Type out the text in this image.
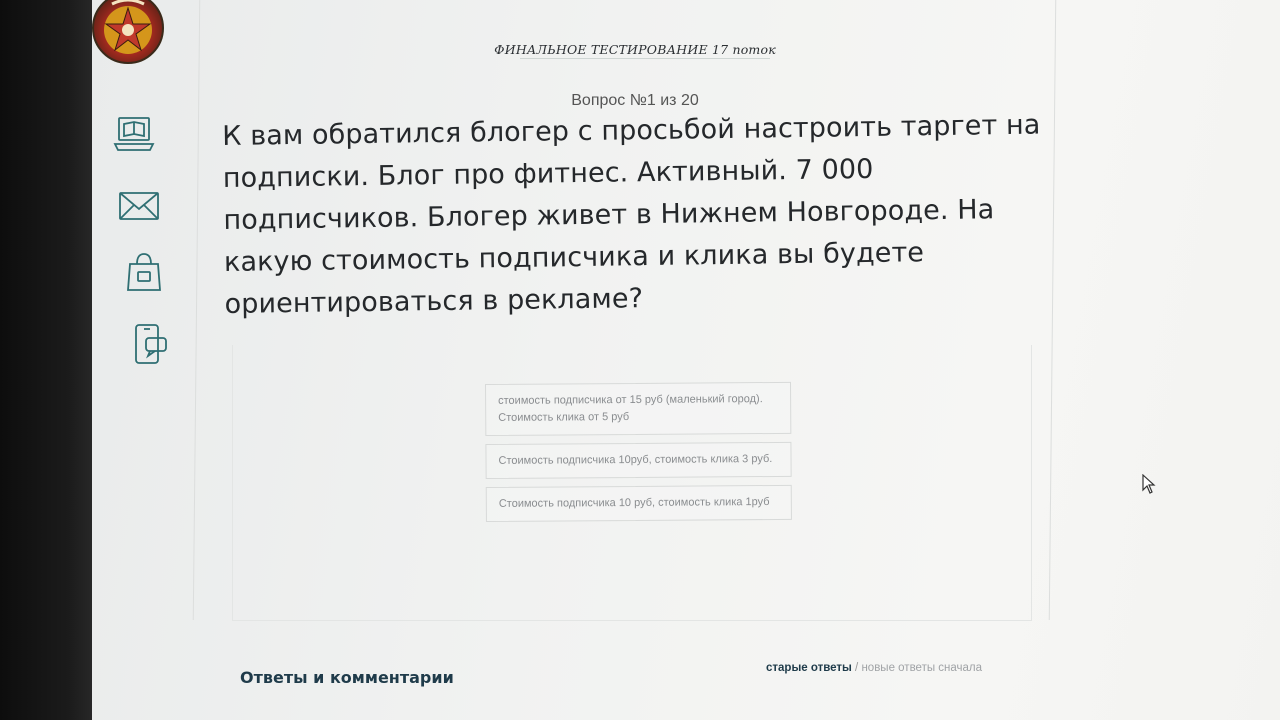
ФИНАЛЬНОЕ ТЕСТИРОВАНИЕ 17 поток
Вопрос №1 из 20
К вам обратился блогер с просьбой настроить таргет на подписки. Блог про фитнес. Активный. 7 000 подписчиков. Блогер живет в Нижнем Новгороде. На какую стоимость подписчика и клика вы будете ориентироваться в рекламе?
стоимость подписчика от 15 руб (маленький город). Стоимость клика от 5 руб
Стоимость подписчика 10руб, стоимость клика 3 руб.
Стоимость подписчика 10 руб, стоимость клика 1руб
Ответы и комментарии	старые ответы / новые ответы сначала
